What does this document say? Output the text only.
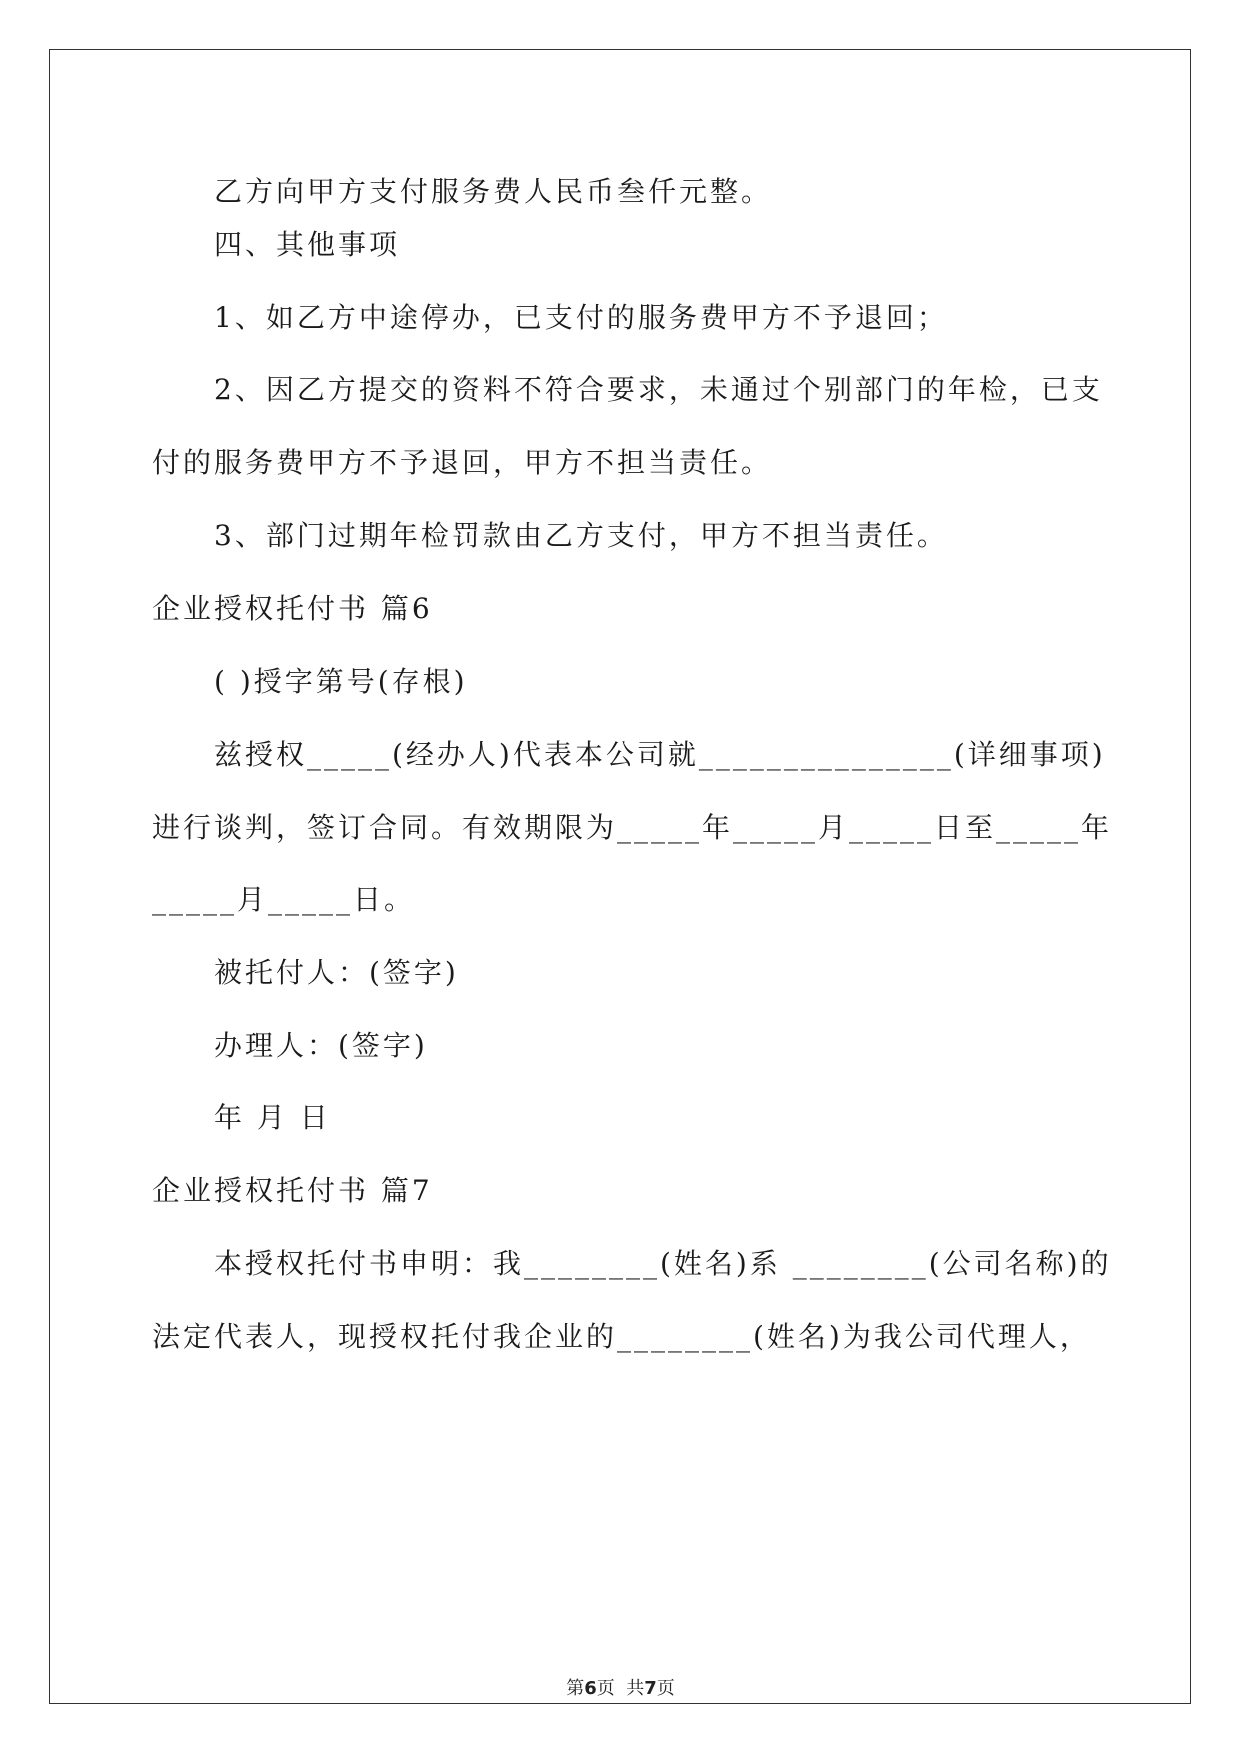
乙方向甲方支付服务费人民币叁仟元整。
四、其他事项
1、如乙方中途停办，已支付的服务费甲方不予退回；
2、因乙方提交的资料不符合要求，未通过个别部门的年检，已支
付的服务费甲方不予退回，甲方不担当责任。
3、部门过期年检罚款由乙方支付，甲方不担当责任。
企业授权托付书 篇6
( )授字第号(存根)
兹授权_____(经办人)代表本公司就_______________(详细事项)
进行谈判，签订合同。有效期限为_____年_____月_____日至_____年
_____月_____日。
被托付人：(签字)
办理人：(签字)
年 月 日
企业授权托付书 篇7
本授权托付书申明：我________(姓名)系 ________(公司名称)的
法定代表人，现授权托付我企业的________(姓名)为我公司代理人，
第6页  共7页
